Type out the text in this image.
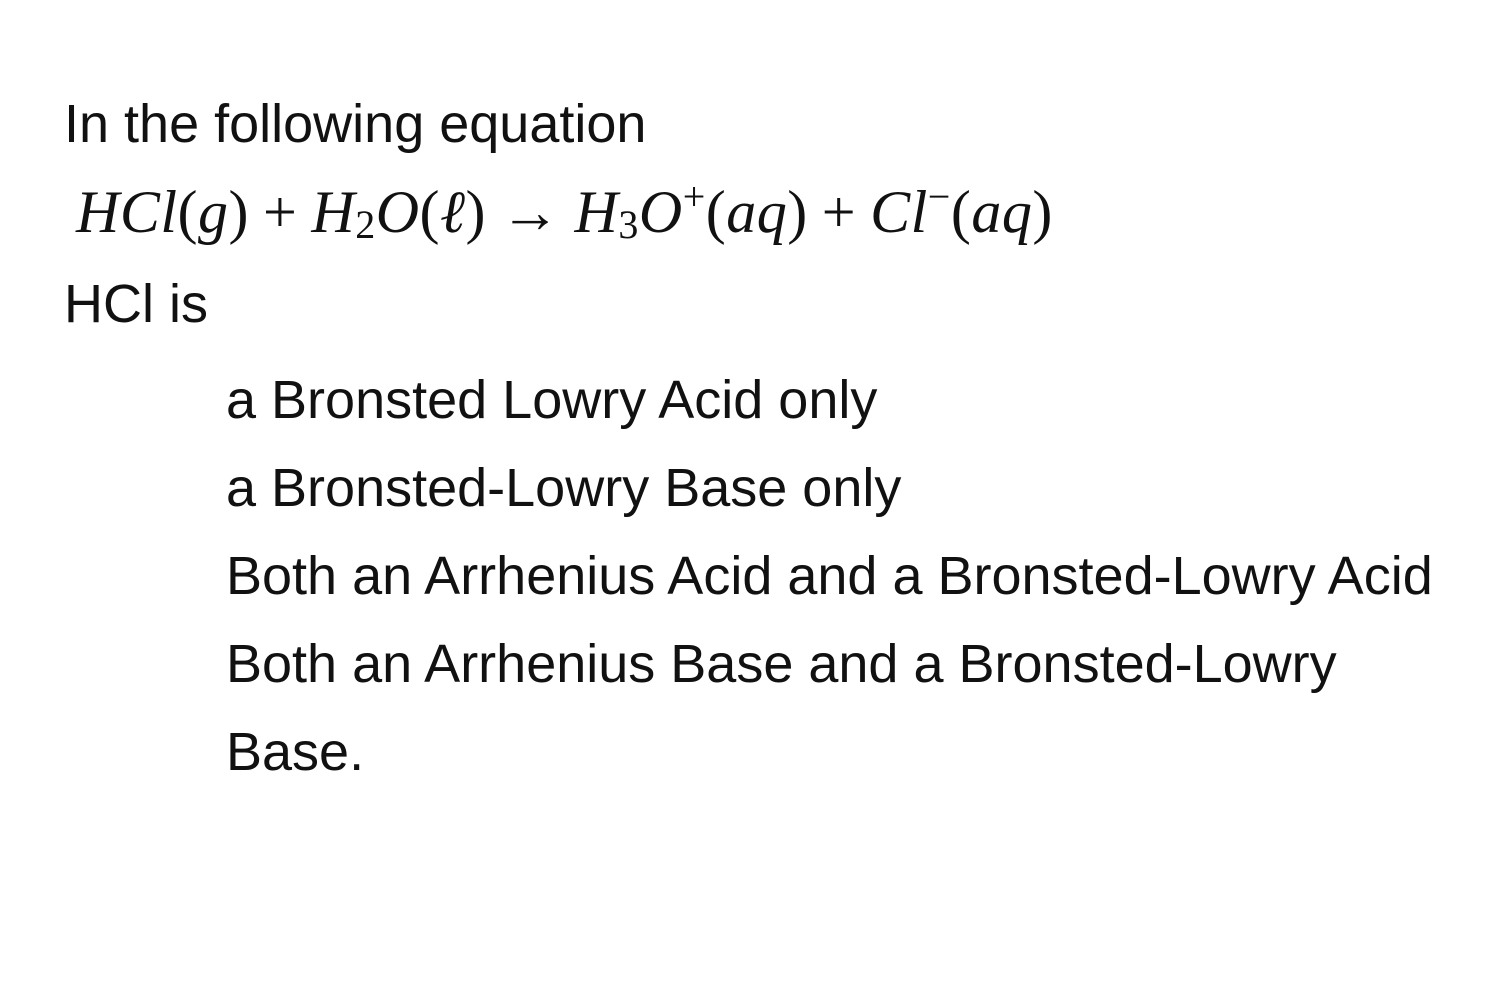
In the following equation
$HCl(g) + H_2O(\ell) \to H_3O^+(aq) + Cl^-(aq)$
HCl is
a Bronsted Lowry Acid only
a Bronsted-Lowry Base only
Both an Arrhenius Acid and a Bronsted-Lowry Acid
Both an Arrhenius Base and a Bronsted-Lowry Base.
